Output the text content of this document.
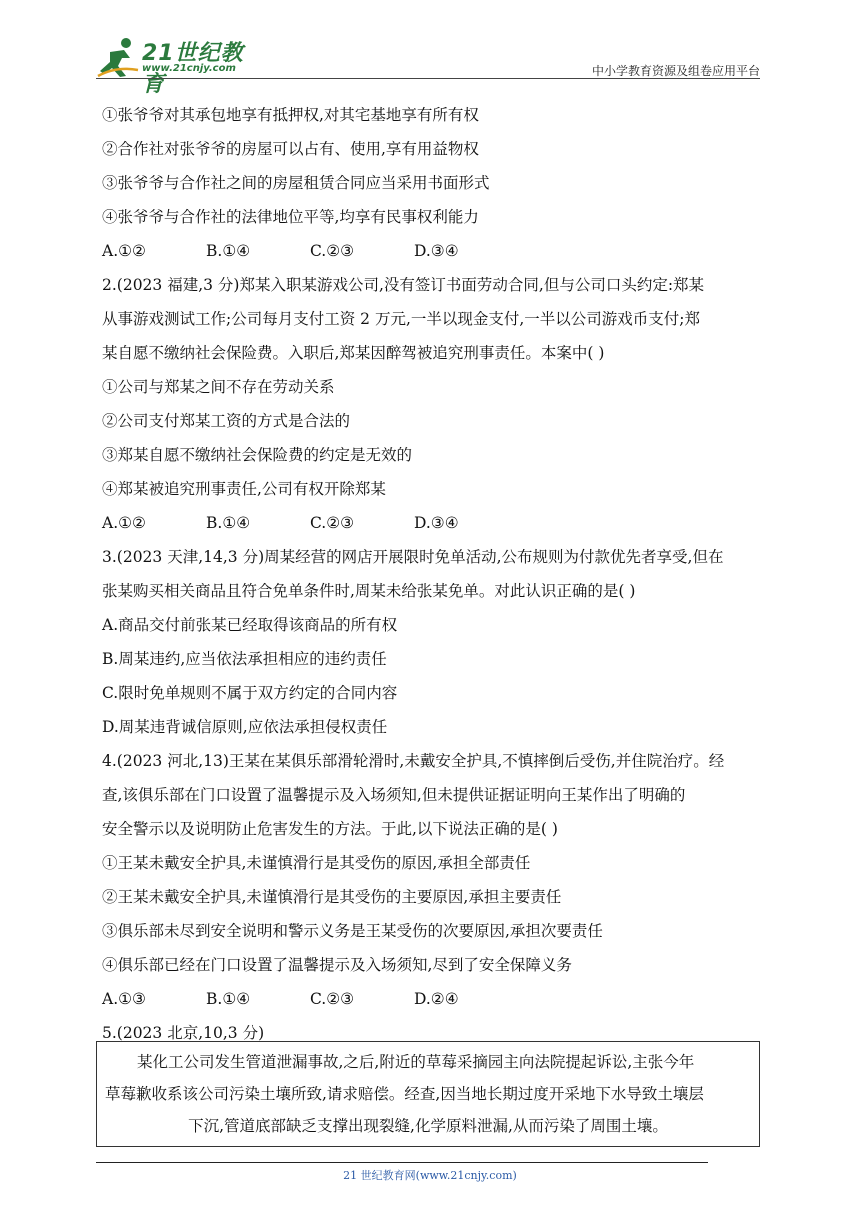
21世纪教育
www.21cnjy.com	中小学教育资源及组卷应用平台
①张爷爷对其承包地享有抵押权,对其宅基地享有所有权
②合作社对张爷爷的房屋可以占有、使用,享有用益物权
③张爷爷与合作社之间的房屋租赁合同应当采用书面形式
④张爷爷与合作社的法律地位平等,均享有民事权利能力
A.①②	B.①④	C.②③	D.③④
2.(2023 福建,3 分)郑某入职某游戏公司,没有签订书面劳动合同,但与公司口头约定:郑某
从事游戏测试工作;公司每月支付工资 2 万元,一半以现金支付,一半以公司游戏币支付;郑
某自愿不缴纳社会保险费。入职后,郑某因醉驾被追究刑事责任。本案中( )
①公司与郑某之间不存在劳动关系
②公司支付郑某工资的方式是合法的
③郑某自愿不缴纳社会保险费的约定是无效的
④郑某被追究刑事责任,公司有权开除郑某
A.①②	B.①④	C.②③	D.③④
3.(2023 天津,14,3 分)周某经营的网店开展限时免单活动,公布规则为付款优先者享受,但在
张某购买相关商品且符合免单条件时,周某未给张某免单。对此认识正确的是( )
A.商品交付前张某已经取得该商品的所有权
B.周某违约,应当依法承担相应的违约责任
C.限时免单规则不属于双方约定的合同内容
D.周某违背诚信原则,应依法承担侵权责任
4.(2023 河北,13)王某在某俱乐部滑轮滑时,未戴安全护具,不慎摔倒后受伤,并住院治疗。经
查,该俱乐部在门口设置了温馨提示及入场须知,但未提供证据证明向王某作出了明确的
安全警示以及说明防止危害发生的方法。于此,以下说法正确的是( )
①王某未戴安全护具,未谨慎滑行是其受伤的原因,承担全部责任
②王某未戴安全护具,未谨慎滑行是其受伤的主要原因,承担主要责任
③俱乐部未尽到安全说明和警示义务是王某受伤的次要原因,承担次要责任
④俱乐部已经在门口设置了温馨提示及入场须知,尽到了安全保障义务
A.①③	B.①④	C.②③	D.②④
5.(2023 北京,10,3 分)
某化工公司发生管道泄漏事故,之后,附近的草莓采摘园主向法院提起诉讼,主张今年
草莓歉收系该公司污染土壤所致,请求赔偿。经查,因当地长期过度开采地下水导致土壤层
下沉,管道底部缺乏支撑出现裂缝,化学原料泄漏,从而污染了周围土壤。
21 世纪教育网(www.21cnjy.com)
